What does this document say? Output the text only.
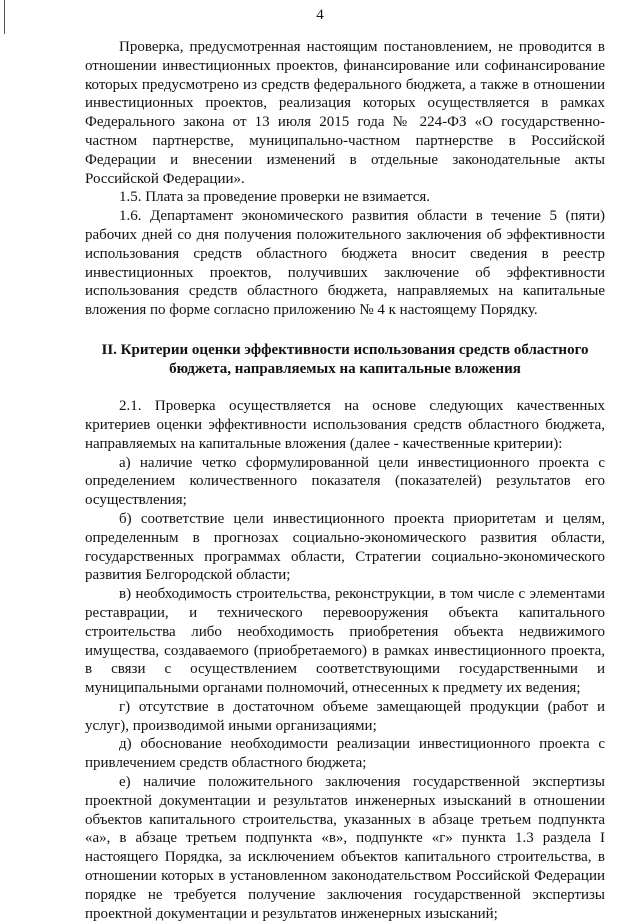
4

Проверка, предусмотренная настоящим постановлением, не проводится в отношении инвестиционных проектов, финансирование или софинансирование которых предусмотрено из средств федерального бюджета, а также в отношении инвестиционных проектов, реализация которых осуществляется в рамках Федерального закона от 13 июля 2015 года № 224-ФЗ «О государственно-частном партнерстве, муниципально-частном партнерстве в Российской Федерации и внесении изменений в отдельные законодательные акты Российской Федерации».

1.5. Плата за проведение проверки не взимается.

1.6. Департамент экономического развития области в течение 5 (пяти) рабочих дней со дня получения положительного заключения об эффективности использования средств областного бюджета вносит сведения в реестр инвестиционных проектов, получивших заключение об эффективности использования средств областного бюджета, направляемых на капитальные вложения по форме согласно приложению № 4 к настоящему Порядку.

II. Критерии оценки эффективности использования средств областного бюджета, направляемых на капитальные вложения

2.1. Проверка осуществляется на основе следующих качественных критериев оценки эффективности использования средств областного бюджета, направляемых на капитальные вложения (далее - качественные критерии):

а) наличие четко сформулированной цели инвестиционного проекта с определением количественного показателя (показателей) результатов его осуществления;

б) соответствие цели инвестиционного проекта приоритетам и целям, определенным в прогнозах социально-экономического развития области, государственных программах области, Стратегии социально-экономического развития Белгородской области;

в) необходимость строительства, реконструкции, в том числе с элементами реставрации, и технического перевооружения объекта капитального строительства либо необходимость приобретения объекта недвижимого имущества, создаваемого (приобретаемого) в рамках инвестиционного проекта, в связи с осуществлением соответствующими государственными и муниципальными органами полномочий, отнесенных к предмету их ведения;

г) отсутствие в достаточном объеме замещающей продукции (работ и услуг), производимой иными организациями;

д) обоснование необходимости реализации инвестиционного проекта с привлечением средств областного бюджета;

е) наличие положительного заключения государственной экспертизы проектной документации и результатов инженерных изысканий в отношении объектов капитального строительства, указанных в абзаце третьем подпункта «а», в абзаце третьем подпункта «в», подпункте «г» пункта 1.3 раздела I настоящего Порядка, за исключением объектов капитального строительства, в отношении которых в установленном законодательством Российской Федерации порядке не требуется получение заключения государственной экспертизы проектной документации и результатов инженерных изысканий;
